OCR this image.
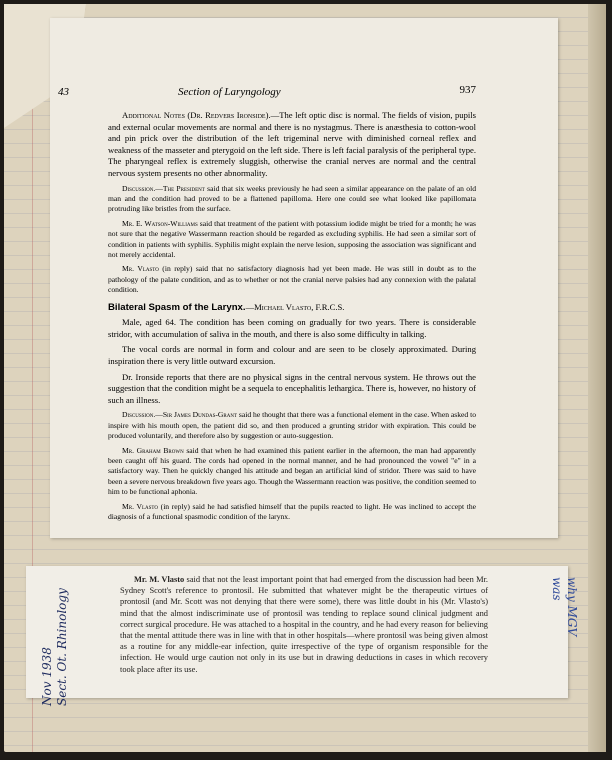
43	Section of Laryngology	937

Additional Notes (Dr. Redvers Ironside).—The left optic disc is normal. The fields of vision, pupils and external ocular movements are normal and there is no nystagmus. There is anæsthesia to cotton-wool and pin prick over the distribution of the left trigeminal nerve with diminished corneal reflex and weakness of the masseter and pterygoid on the left side. There is left facial paralysis of the peripheral type. The pharyngeal reflex is extremely sluggish, otherwise the cranial nerves are normal and the central nervous system presents no other abnormality.

Discussion.—The President said that six weeks previously he had seen a similar appearance on the palate of an old man and the condition had proved to be a flattened papilloma. Here one could see what looked like papillomata protruding like bristles from the surface.

Mr. E. Watson-Williams said that treatment of the patient with potassium iodide might be tried for a month; he was not sure that the negative Wassermann reaction should be regarded as excluding syphilis. He had seen a similar sort of condition in patients with syphilis. Syphilis might explain the nerve lesion, supposing the association was significant and not merely accidental.

Mr. Vlasto (in reply) said that no satisfactory diagnosis had yet been made. He was still in doubt as to the pathology of the palate condition, and as to whether or not the cranial nerve palsies had any connexion with the palatal condition.

Bilateral Spasm of the Larynx.—Michael Vlasto, F.R.C.S.

Male, aged 64. The condition has been coming on gradually for two years. There is considerable stridor, with accumulation of saliva in the mouth, and there is also some difficulty in talking.

The vocal cords are normal in form and colour and are seen to be closely approximated. During inspiration there is very little outward excursion.

Dr. Ironside reports that there are no physical signs in the central nervous system. He throws out the suggestion that the condition might be a sequela to encephalitis lethargica. There is, however, no history of such an illness.

Discussion.—Sir James Dundas-Grant said he thought that there was a functional element in the case. When asked to inspire with his mouth open, the patient did so, and then produced a grunting stridor with expiration. This could be produced voluntarily, and therefore also by suggestion or auto-suggestion.

Mr. Graham Brown said that when he had examined this patient earlier in the afternoon, the man had apparently been caught off his guard. The cords had opened in the normal manner, and he had pronounced the vowel "e" in a satisfactory way. Then he quickly changed his attitude and began an artificial kind of stridor. There was said to have been a severe nervous breakdown five years ago. Though the Wassermann reaction was positive, the condition seemed to him to be functional aphonia.

Mr. Vlasto (in reply) said he had satisfied himself that the pupils reacted to light. He was inclined to accept the diagnosis of a functional spasmodic condition of the larynx.

Nov 1938 Sect. Ot. Rhinology

Mr. M. Vlasto said that not the least important point that had emerged from the discussion had been Mr. Sydney Scott's reference to prontosil. He submitted that whatever might be the therapeutic virtues of prontosil (and Mr. Scott was not denying that there were some), there was little doubt in his (Mr. Vlasto's) mind that the almost indiscriminate use of prontosil was tending to replace sound clinical judgment and correct surgical procedure. He was attached to a hospital in the country, and he had every reason for believing that the mental attitude there was in line with that in other hospitals—where prontosil was being given almost as a routine for any middle-ear infection, quite irrespective of the type of organism responsible for the infection. He would urge caution not only in its use but in drawing deductions in cases in which recovery took place after its use.

why MGV
was
